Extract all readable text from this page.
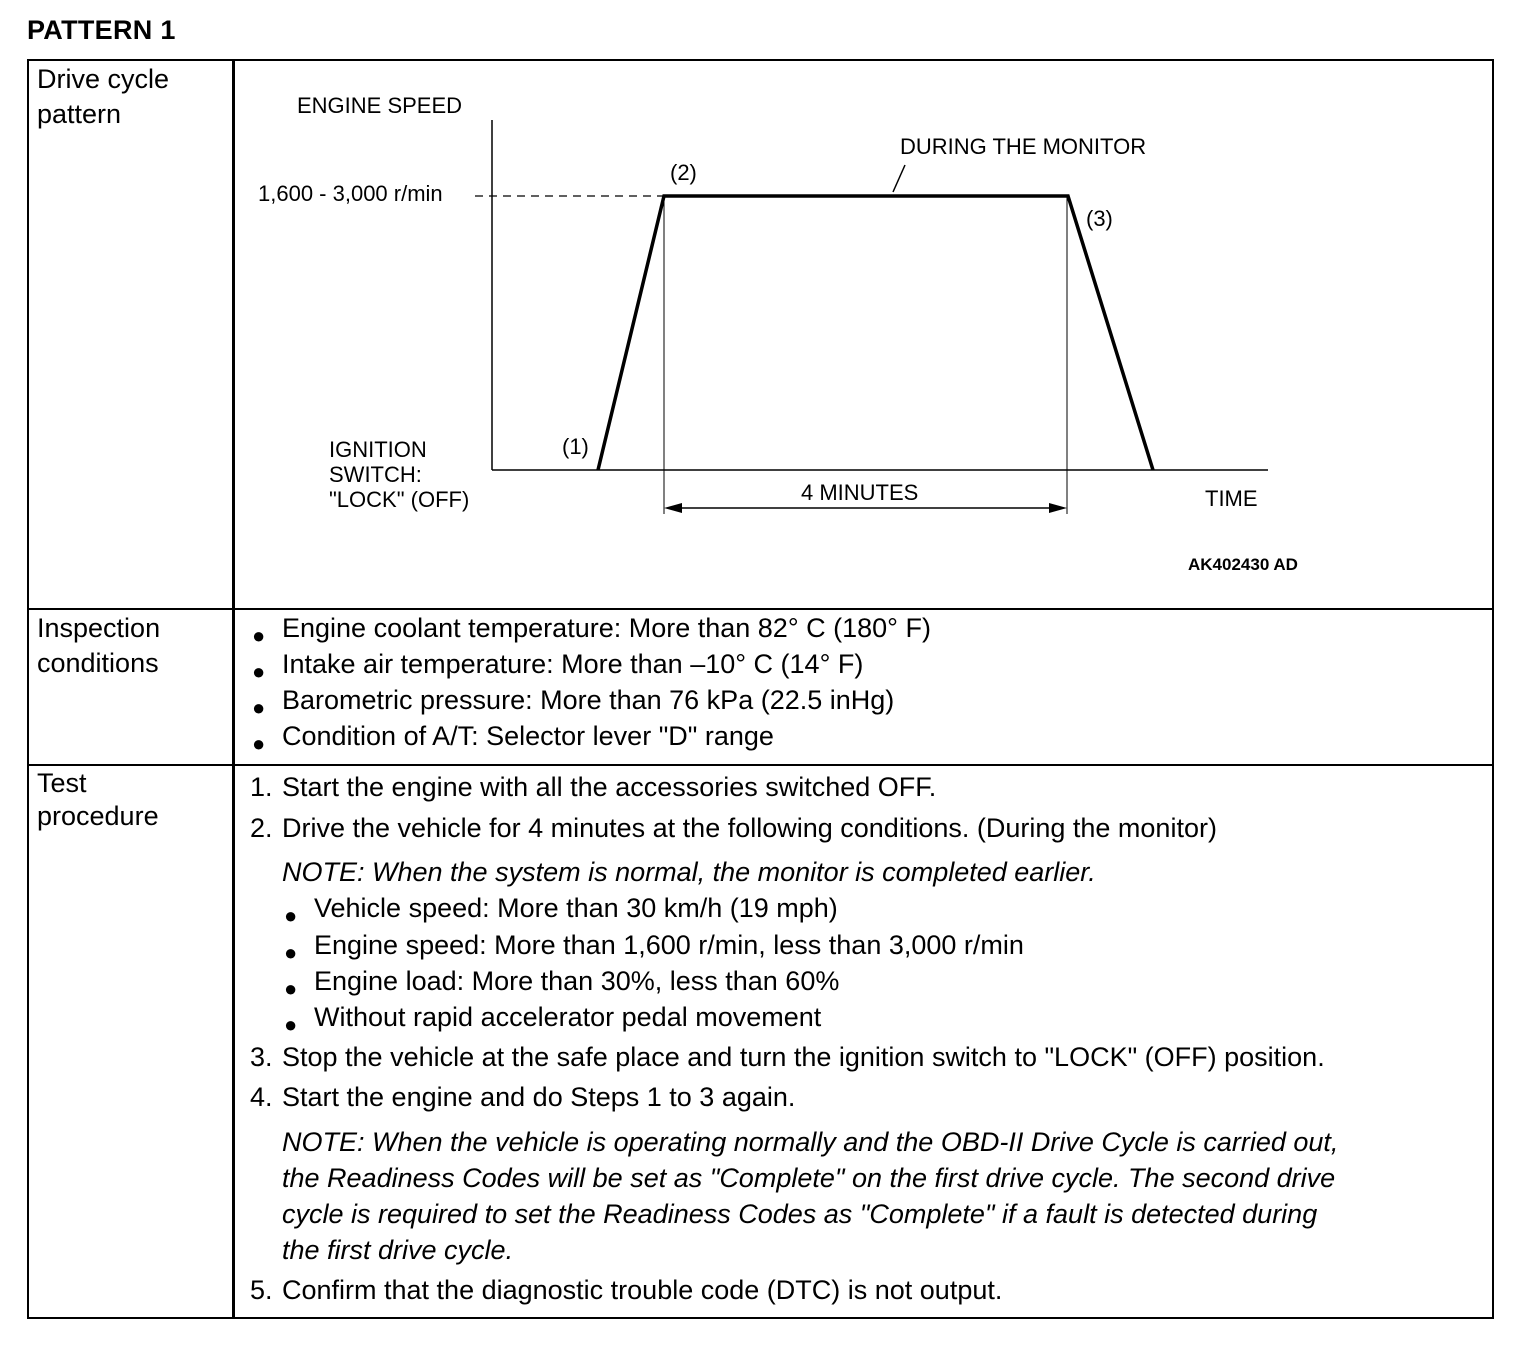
PATTERN 1
Drive cycle
pattern
Inspection
conditions
Test
procedure
ENGINE SPEED
1,600 - 3,000 r/min
DURING THE MONITOR
(2)
(3)
(1)
IGNITION
SWITCH:
"LOCK" (OFF)	4 MINUTES	TIME
AK402430 AD
● Engine coolant temperature: More than 82° C (180° F)
● Intake air temperature: More than –10° C (14° F)
● Barometric pressure: More than 76 kPa (22.5 inHg)
● Condition of A/T: Selector lever "D" range
1. Start the engine with all the accessories switched OFF.
2. Drive the vehicle for 4 minutes at the following conditions. (During the monitor)
NOTE: When the system is normal, the monitor is completed earlier.
● Vehicle speed: More than 30 km/h (19 mph)
● Engine speed: More than 1,600 r/min, less than 3,000 r/min
● Engine load: More than 30%, less than 60%
● Without rapid accelerator pedal movement
3. Stop the vehicle at the safe place and turn the ignition switch to "LOCK" (OFF) position.
4. Start the engine and do Steps 1 to 3 again.
NOTE: When the vehicle is operating normally and the OBD-II Drive Cycle is carried out,
the Readiness Codes will be set as "Complete" on the first drive cycle. The second drive
cycle is required to set the Readiness Codes as "Complete" if a fault is detected during
the first drive cycle.
5. Confirm that the diagnostic trouble code (DTC) is not output.
